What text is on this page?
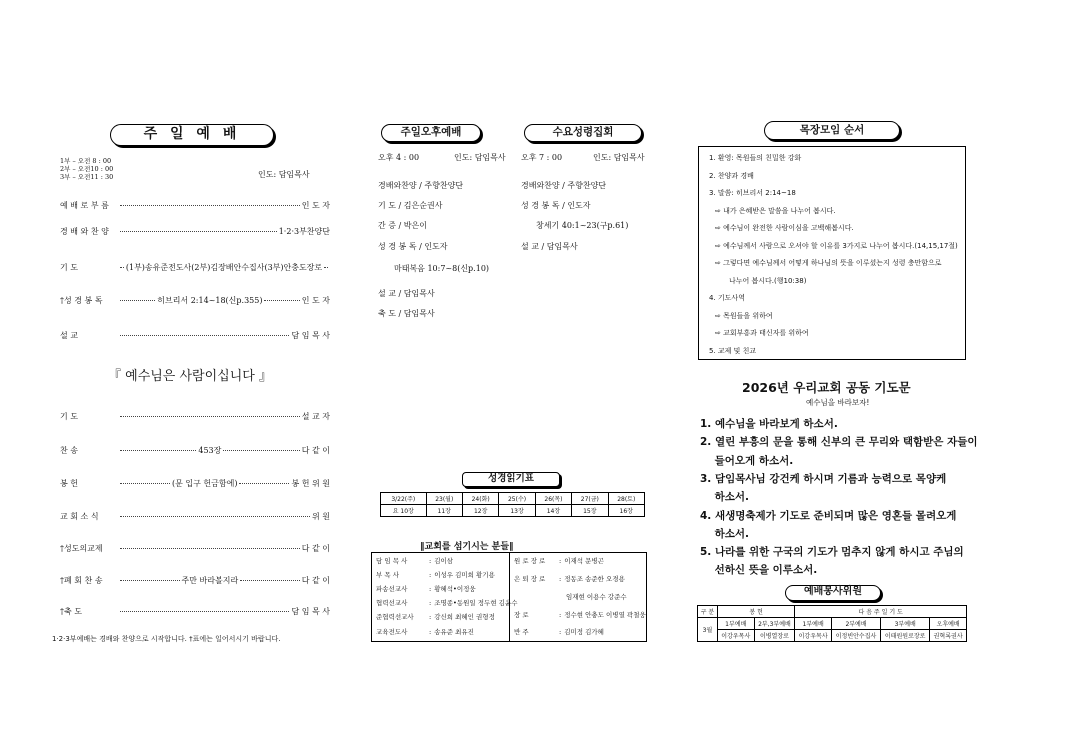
주 일 예 배
1부 – 오전 8 : 00
2부 – 오전10 : 00
3부 – 오전11 : 30	인도: 담임목사
예 배 로 부 름	인 도 자
경 배 와 찬 양	1·2·3부찬양단
기 도	(1부)송유준전도사(2부)김장배안수집사(3부)안충도장로
†성 경 봉 독	히브리서 2:14~18(신p.355)	인 도 자
설 교	담 임 목 사
기 도	설 교 자
찬 송	453장	다 같 이
봉 헌	(문 입구 헌금함에)	봉 헌 위 원
교 회 소 식	위 원
†성도의교제	다 같 이
†폐 회 찬 송	주만 바라볼지라	다 같 이
†축 도	담 임 목 사
『 예수님은 사람이십니다 』
1·2·3부예배는 경배와 찬양으로 시작합니다. †표에는 일어서시기 바랍니다.
주일오후예배
오후 4 : 00	인도: 담임목사
경배와찬양 / 주향찬양단
기 도 / 김은순권사
간 증 / 박은이
성 경 봉 독 / 인도자
마태복음 10:7~8(신p.10)
설 교 / 담임목사
축 도 / 담임목사
수요성령집회
오후 7 : 00	인도: 담임목사
경배와찬양 / 주향찬양단
성 경 봉 독 / 인도자
창세기 40:1~23(구p.61)
설 교 / 담임목사
성경읽기표
3/22(주)	23(월)	24(화)	25(수)	26(목)	27(금)	28(토)
요 10장	11장	12장	13장	14장	15장	16장
‖교회를 섬기시는 분들‖
담 임 목 사	: 김이삼
부 목 사	: 이성우 김미희 황기용
파송선교사	: 황혜석•이정웅
협력선교사	: 조명종•동원일 정두현 김윤수
준협력선교사 : 강신희 최혜인 권형정
교육전도사	: 송유준 최유진
원 로 장 로 : 이재석 문병곤
은 퇴 장 로 : 정동조 송준한 오경용
임재현 이용수 강준수
장 로	: 정수현 안충도 이병열 곽철웅
반 주	: 김미정 김가혜
목장모임 순서
1. 환영: 목원들의 친밀한 강화
2. 찬양과 경배
3. 말씀: 히브리서 2:14~18
⇨ 내가 은혜받은 말씀을 나누어 봅시다.
⇨ 예수님이 완전한 사람이심을 고백해봅시다.
⇨ 예수님께서 사람으로 오셔야 할 이유를 3가지로 나누어 봅시다.(14,15,17절)
⇨ 그렇다면 예수님께서 어떻게 하나님의 뜻을 이루셨는지 성령 충만함으로
나누어 봅시다.(행10:38)
4. 기도사역
⇨ 목원들을 위하여
⇨ 교회부흥과 태신자를 위하여
5. 교제 및 친교
2026년 우리교회 공동 기도문
예수님을 바라보자!
1. 예수님을 바라보게 하소서.
2. 열린 부흥의 문을 통해 신부의 큰 무리와 택함받은 자들이
들어오게 하소서.
3. 담임목사님 강건케 하시며 기름과 능력으로 목양케
하소서.
4. 새생명축제가 기도로 준비되며 많은 영혼들 몰려오게
하소서.
5. 나라를 위한 구국의 기도가 멈추지 않게 하시고 주님의
선하신 뜻을 이루소서.
예배봉사위원
구 분	봉 헌		다 음 주 일 기 도			
3월	1부예배	2부,3부예배	1부예배	2부예배	3부예배	오후예배
	이강우목사	이병열장로	이강우목사	이정빈안수집사	이태원원로장로	권혁록권사
